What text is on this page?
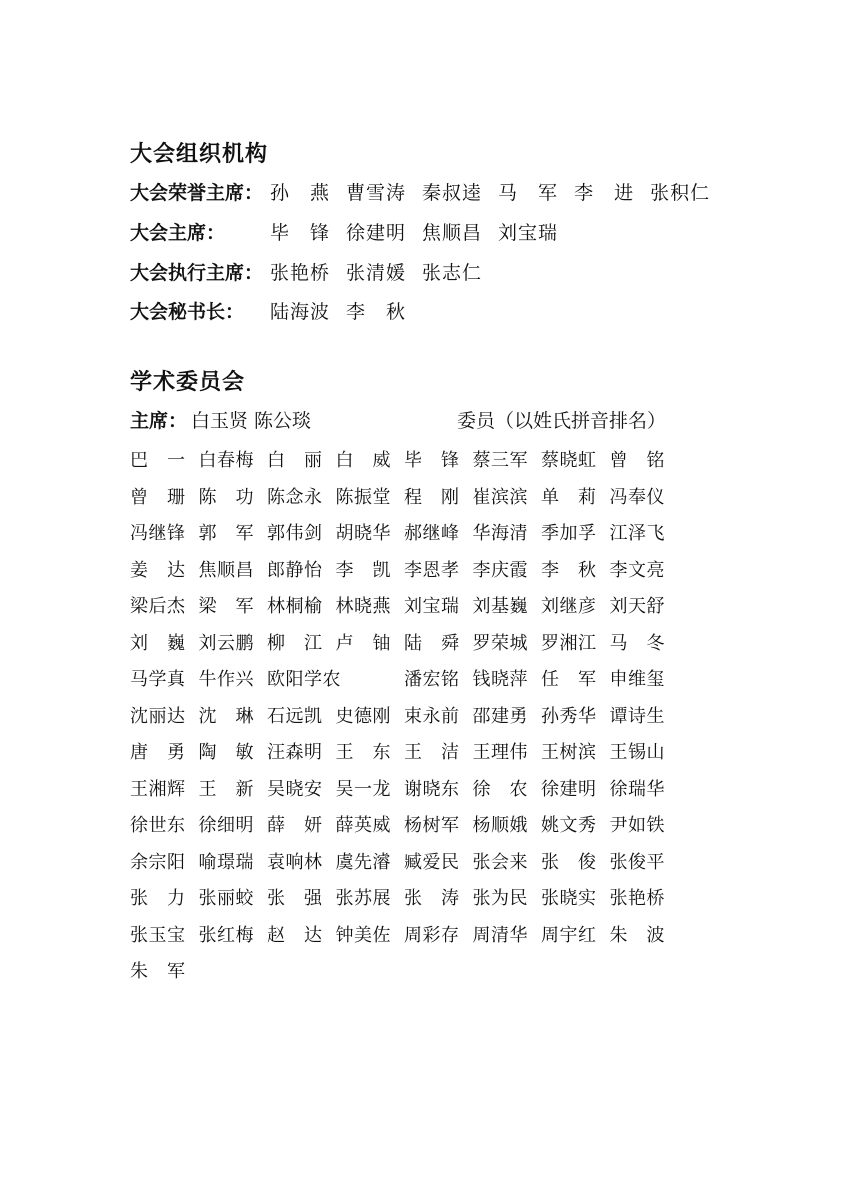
大会组织机构
大会荣誉主席： 孙　燕 曹雪涛 秦叔逵 马　军 李　进 张积仁
大会主席：	毕　锋 徐建明 焦顺昌 刘宝瑞
大会执行主席： 张艳桥 张清媛 张志仁
大会秘书长：	陆海波 李　秋
学术委员会
主席： 白玉贤 陈公琰	委员（以姓氏拼音排名）
巴　一 白春梅 白　丽 白　威 毕　锋 蔡三军 蔡晓虹 曾　铭
曾　珊 陈　功 陈念永 陈振堂 程　刚 崔滨滨 单　莉 冯奉仪
冯继锋 郭　军 郭伟剑 胡晓华 郝继峰 华海清 季加孚 江泽飞
姜　达 焦顺昌 郎静怡 李　凯 李恩孝 李庆霞 李　秋 李文亮
梁后杰 梁　军 林桐榆 林晓燕 刘宝瑞 刘基巍 刘继彦 刘天舒
刘　巍 刘云鹏 柳　江 卢　铀 陆　舜 罗荣城 罗湘江 马　冬
马学真 牛作兴 欧阳学农	潘宏铭 钱晓萍 任　军 申维玺
沈丽达 沈　琳 石远凯 史德刚 束永前 邵建勇 孙秀华 谭诗生
唐　勇 陶　敏 汪森明 王　东 王　洁 王理伟 王树滨 王锡山
王湘辉 王　新 吴晓安 吴一龙 谢晓东 徐　农 徐建明 徐瑞华
徐世东 徐细明 薛　妍 薛英威 杨树军 杨顺娥 姚文秀 尹如铁
余宗阳 喻璟瑞 袁响林 虞先濬 臧爱民 张会来 张　俊 张俊平
张　力 张丽蛟 张　强 张苏展 张　涛 张为民 张晓实 张艳桥
张玉宝 张红梅 赵　达 钟美佐 周彩存 周清华 周宇红 朱　波
朱　军
